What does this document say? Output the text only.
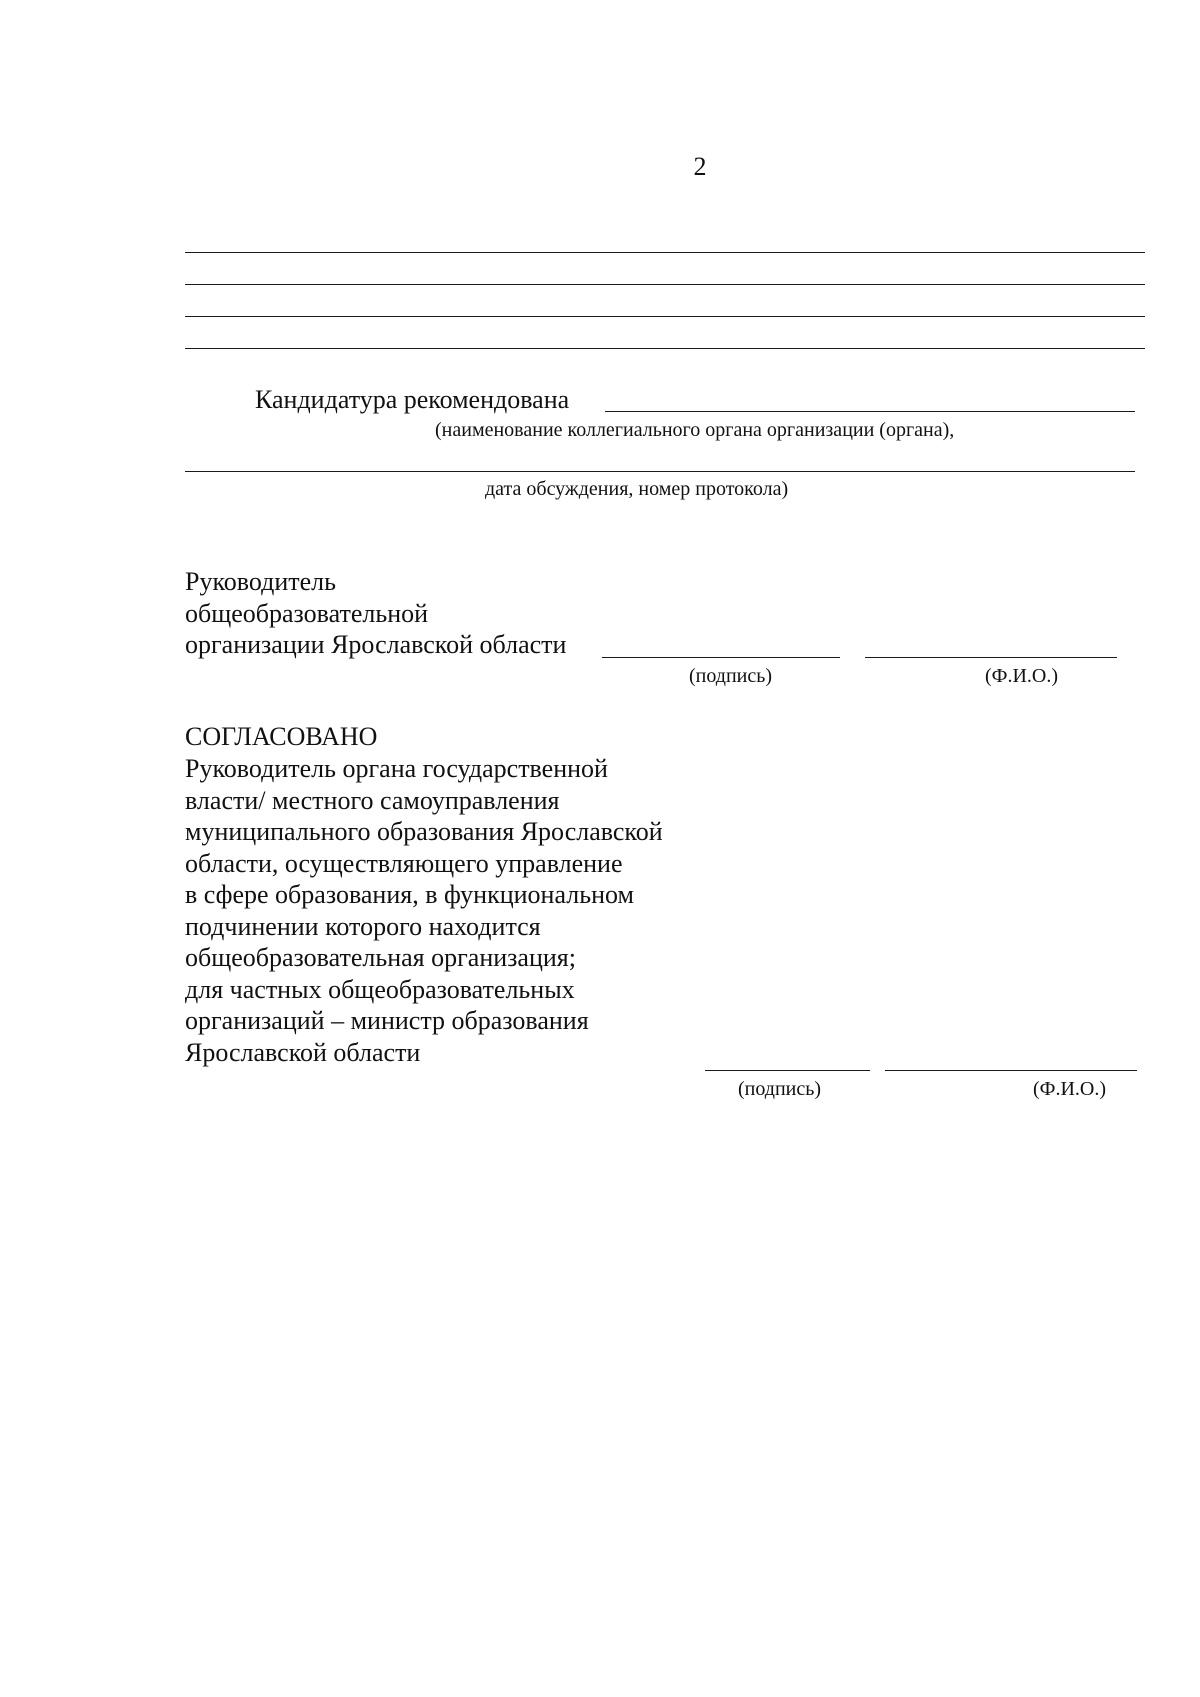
2
Кандидатура рекомендована
(наименование коллегиального органа организации (органа),
дата обсуждения, номер протокола)
Руководитель
общеобразовательной
организации Ярославской области
(подпись)	(Ф.И.О.)
СОГЛАСОВАНО
Руководитель органа государственной
власти/ местного самоуправления
муниципального образования Ярославской
области, осуществляющего управление
в сфере образования, в функциональном
подчинении которого находится
общеобразовательная организация;
для частных общеобразовательных
организаций – министр образования
Ярославской области
(подпись)	(Ф.И.О.)
